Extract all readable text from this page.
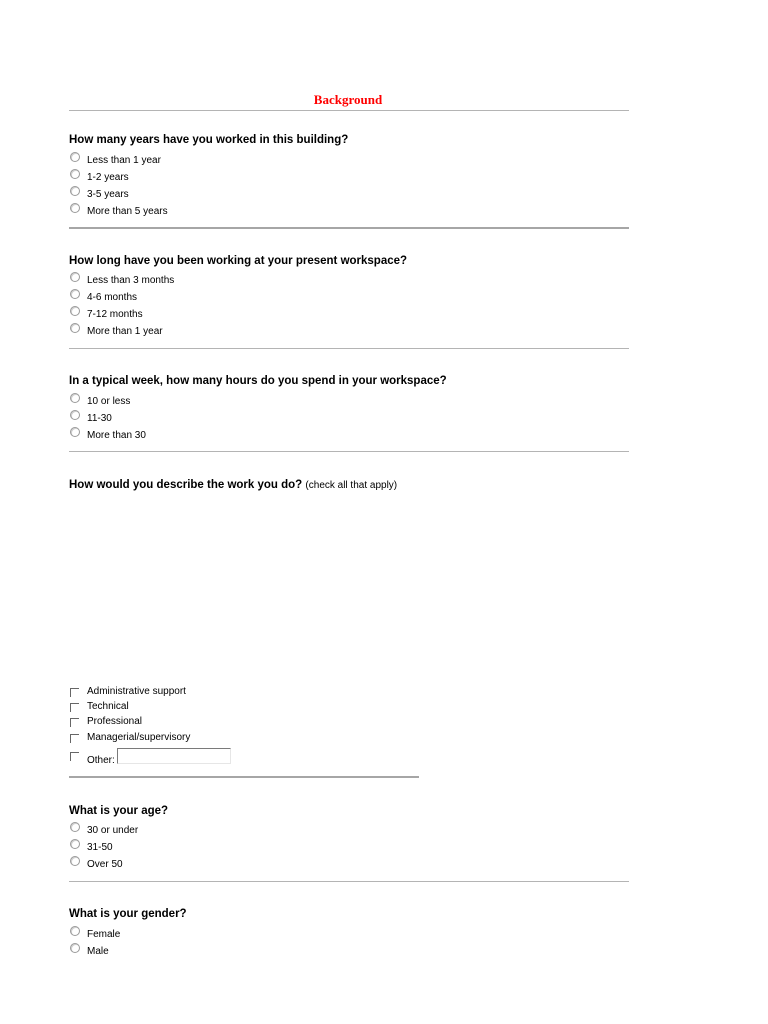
Background
How many years have you worked in this building?
Less than 1 year
1-2 years
3-5 years
More than 5 years
How long have you been working at your present workspace?
Less than 3 months
4-6 months
7-12 months
More than 1 year
In a typical week, how many hours do you spend in your workspace?
10 or less
11-30
More than 30
How would you describe the work you do? (check all that apply)
Administrative support
Technical
Professional
Managerial/supervisory
Other:
What is your age?
30 or under
31-50
Over 50
What is your gender?
Female
Male
